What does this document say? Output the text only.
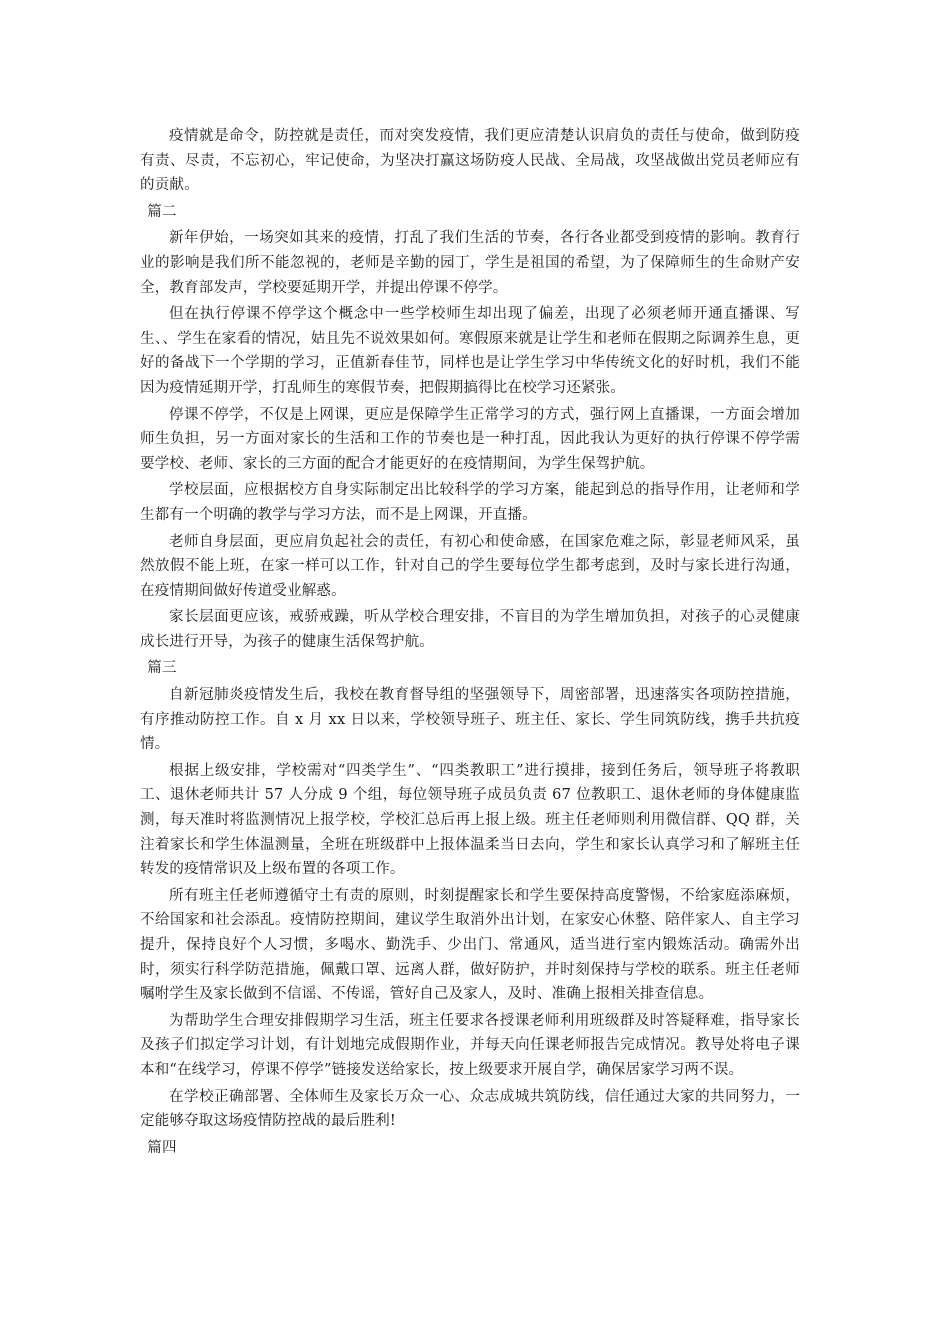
疫情就是命令，防控就是责任，而对突发疫情，我们更应清楚认识肩负的责任与使命，做到防疫有责、尽责，不忘初心，牢记使命，为坚决打赢这场防疫人民战、全局战，攻坚战做出党员老师应有的贡献。

篇二

新年伊始，一场突如其来的疫情，打乱了我们生活的节奏，各行各业都受到疫情的影响。教育行业的影响是我们所不能忽视的，老师是辛勤的园丁，学生是祖国的希望，为了保障师生的生命财产安全，教育部发声，学校要延期开学，并提出停课不停学。

但在执行停课不停学这个概念中一些学校师生却出现了偏差，出现了必须老师开通直播课、写生、、学生在家看的情况，姑且先不说效果如何。寒假原来就是让学生和老师在假期之际调养生息，更好的备战下一个学期的学习，正值新春佳节，同样也是让学生学习中华传统文化的好时机，我们不能因为疫情延期开学，打乱师生的寒假节奏，把假期搞得比在校学习还紧张。

停课不停学，不仅是上网课，更应是保障学生正常学习的方式，强行网上直播课，一方面会增加师生负担，另一方面对家长的生活和工作的节奏也是一种打乱，因此我认为更好的执行停课不停学需要学校、老师、家长的三方面的配合才能更好的在疫情期间，为学生保驾护航。

学校层面，应根据校方自身实际制定出比较科学的学习方案，能起到总的指导作用，让老师和学生都有一个明确的教学与学习方法，而不是上网课，开直播。

老师自身层面，更应肩负起社会的责任，有初心和使命感，在国家危难之际，彰显老师风采，虽然放假不能上班，在家一样可以工作，针对自己的学生要每位学生都考虑到，及时与家长进行沟通，在疫情期间做好传道受业解惑。

家长层面更应该，戒骄戒躁，听从学校合理安排，不盲目的为学生增加负担，对孩子的心灵健康成长进行开导，为孩子的健康生活保驾护航。

篇三

自新冠肺炎疫情发生后，我校在教育督导组的坚强领导下，周密部署，迅速落实各项防控措施，有序推动防控工作。自 x 月 xx 日以来，学校领导班子、班主任、家长、学生同筑防线，携手共抗疫情。

根据上级安排，学校需对“四类学生”、“四类教职工”进行摸排，接到任务后，领导班子将教职工、退休老师共计 57 人分成 9 个组，每位领导班子成员负责 67 位教职工、退休老师的身体健康监测，每天准时将监测情况上报学校，学校汇总后再上报上级。班主任老师则利用微信群、QQ 群，关注着家长和学生体温测量，全班在班级群中上报体温柔当日去向，学生和家长认真学习和了解班主任转发的疫情常识及上级布置的各项工作。

所有班主任老师遵循守土有责的原则，时刻提醒家长和学生要保持高度警惕，不给家庭添麻烦，不给国家和社会添乱。疫情防控期间，建议学生取消外出计划，在家安心休整、陪伴家人、自主学习提升，保持良好个人习惯，多喝水、勤洗手、少出门、常通风，适当进行室内锻炼活动。确需外出时，须实行科学防范措施，佩戴口罩、远离人群，做好防护，并时刻保持与学校的联系。班主任老师嘱咐学生及家长做到不信谣、不传谣，管好自己及家人，及时、准确上报相关排查信息。

为帮助学生合理安排假期学习生活，班主任要求各授课老师利用班级群及时答疑释难，指导家长及孩子们拟定学习计划，有计划地完成假期作业，并每天向任课老师报告完成情况。教导处将电子课本和“在线学习，停课不停学”链接发送给家长，按上级要求开展自学，确保居家学习两不误。

在学校正确部署、全体师生及家长万众一心、众志成城共筑防线，信任通过大家的共同努力，一定能够夺取这场疫情防控战的最后胜利!

篇四
